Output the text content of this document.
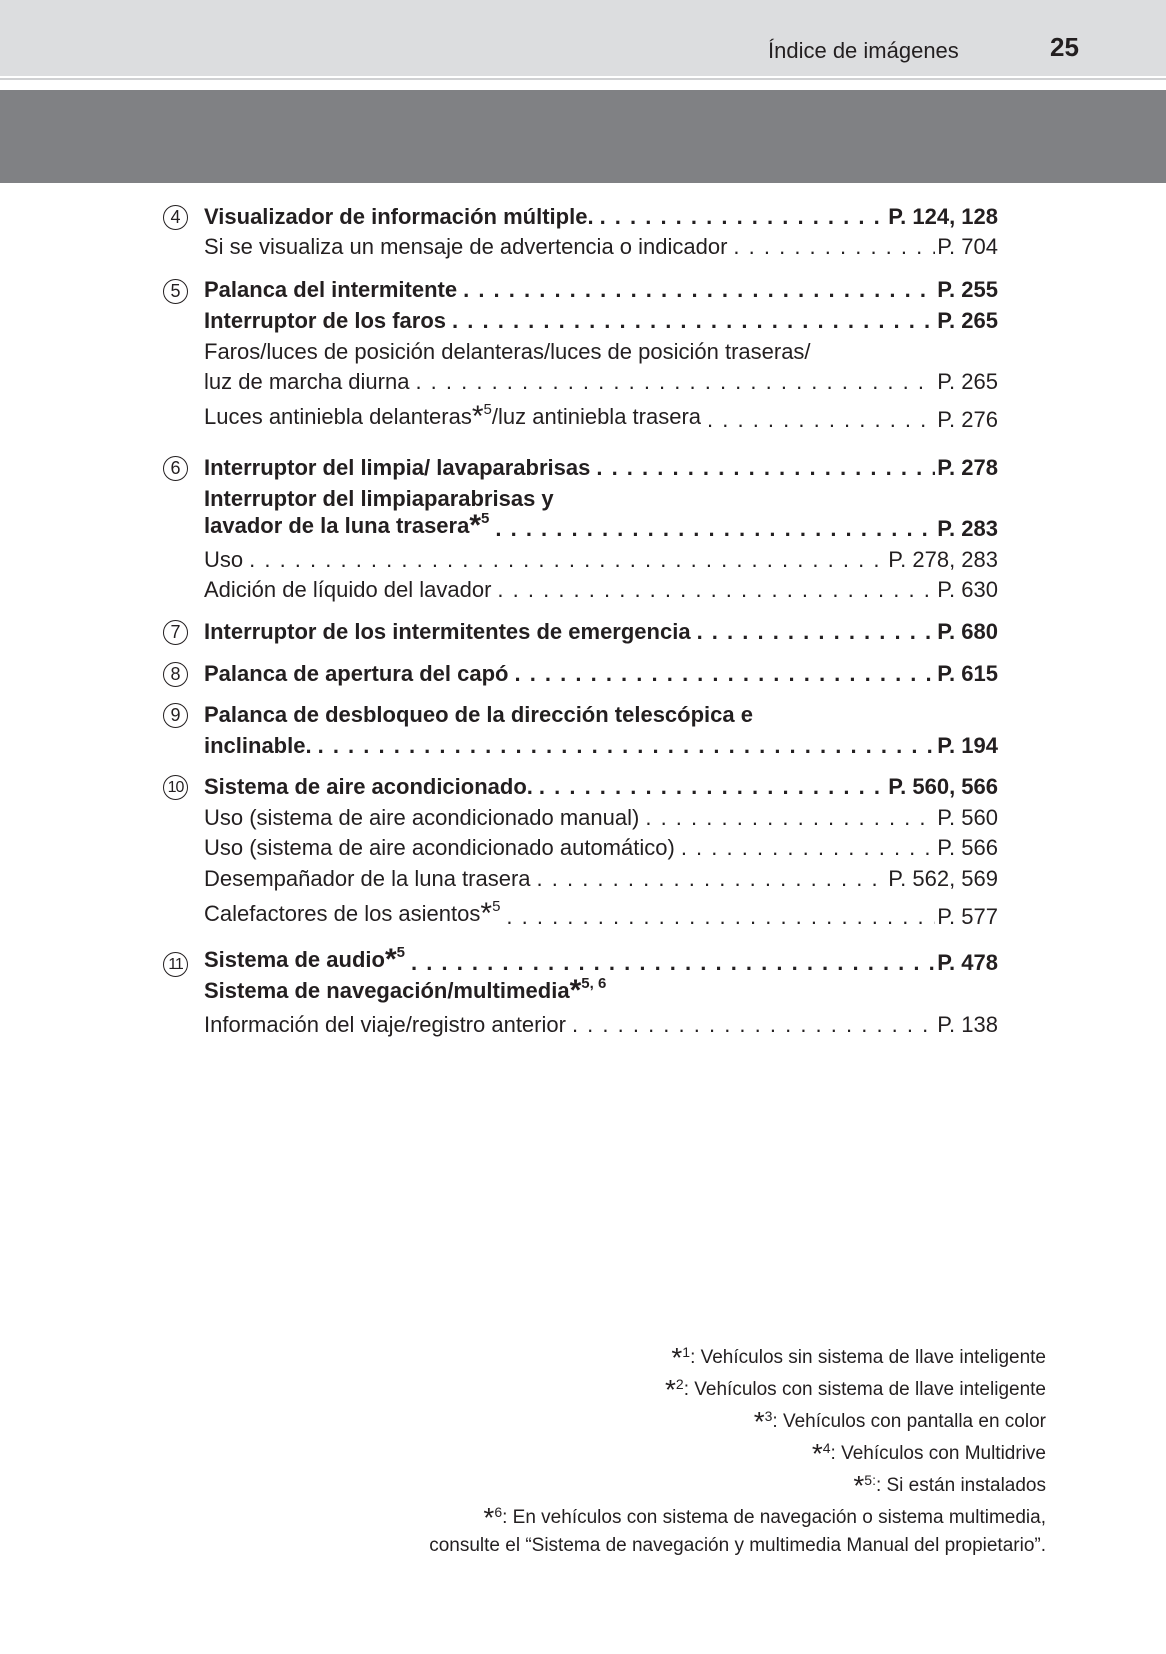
Índice de imágenes	25
4	Visualizador de información múltiple. . . .	P. 124, 128
Si se visualiza un mensaje de advertencia o indicador . . .	P. 704
5	Palanca del intermitente . . .	P. 255
Interruptor de los faros . . .	P. 265
Faros/luces de posición delanteras/luces de posición traseras/
luz de marcha diurna . . .	P. 265
Luces antiniebla delanteras*$^5$/luz antiniebla trasera . . .	P. 276
6	Interruptor del limpia/ lavaparabrisas . . .	P. 278
Interruptor del limpiaparabrisas y
lavador de la luna trasera*$^5$ . . .	P. 283
Uso . . .	P. 278, 283
Adición de líquido del lavador . . .	P. 630
7	Interruptor de los intermitentes de emergencia . . .	P. 680
8	Palanca de apertura del capó . . .	P. 615
9	Palanca de desbloqueo de la dirección telescópica e
inclinable. . . .	P. 194
10 Sistema de aire acondicionado. . . .	P. 560, 566
Uso (sistema de aire acondicionado manual) . . .	P. 560
Uso (sistema de aire acondicionado automático) . . .	P. 566
Desempañador de la luna trasera . . .	P. 562, 569
Calefactores de los asientos*$^5$ . . .	P. 577
11 Sistema de audio*$^5$ . . .	P. 478
Sistema de navegación/multimedia*$^{5, 6}$
Información del viaje/registro anterior . . .	P. 138
*$^1$: Vehículos sin sistema de llave inteligente
*$^2$: Vehículos con sistema de llave inteligente
*$^3$: Vehículos con pantalla en color
*$^4$: Vehículos con Multidrive
*$^{5:}$: Si están instalados
*$^6$: En vehículos con sistema de navegación o sistema multimedia,
consulte el “Sistema de navegación y multimedia Manual del propietario”.
